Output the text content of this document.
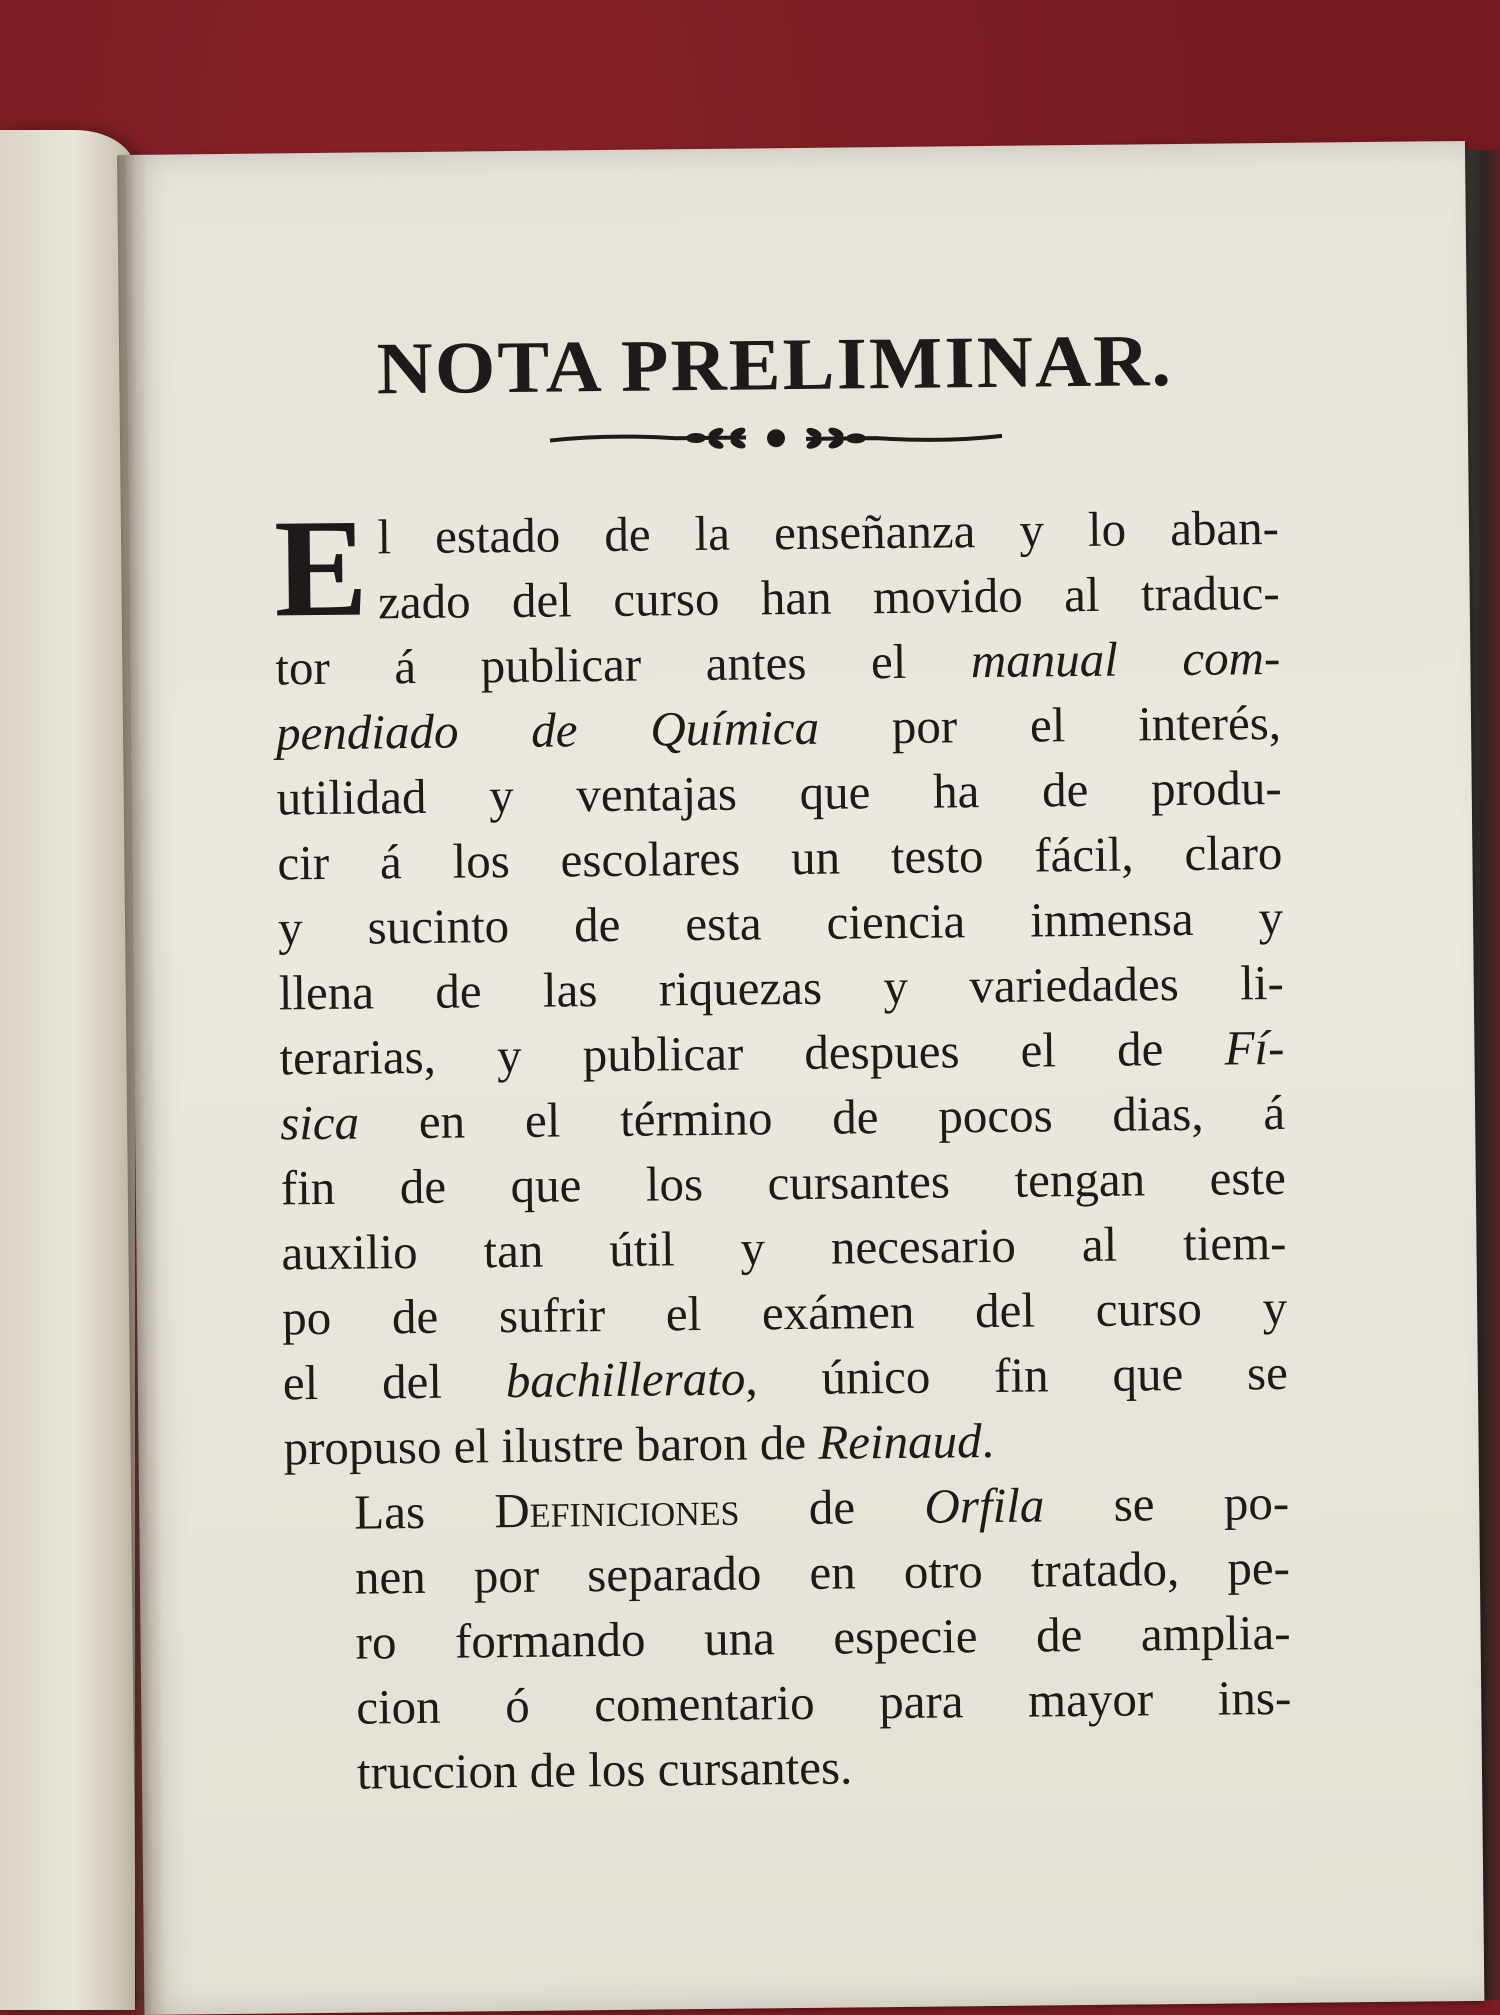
NOTA PRELIMINAR.
E l estado de la enseñanza y lo aban-
zado del curso han movido al traduc-
tor á publicar antes el manual com-
pendiado de Química por el interés,
utilidad y ventajas que ha de produ-
cir á los escolares un testo fácil, claro
y sucinto de esta ciencia inmensa y
llena de las riquezas y variedades li-
terarias, y publicar despues el de Fí-
sica en el término de pocos dias, á
fin de que los cursantes tengan este
auxilio tan útil y necesario al tiem-
po de sufrir el exámen del curso y
el del bachillerato, único fin que se
propuso el ilustre baron de Reinaud.
Las Definiciones de Orfila se po-
nen por separado en otro tratado, pe-
ro formando una especie de amplia-
cion ó comentario para mayor ins-
truccion de los cursantes.
